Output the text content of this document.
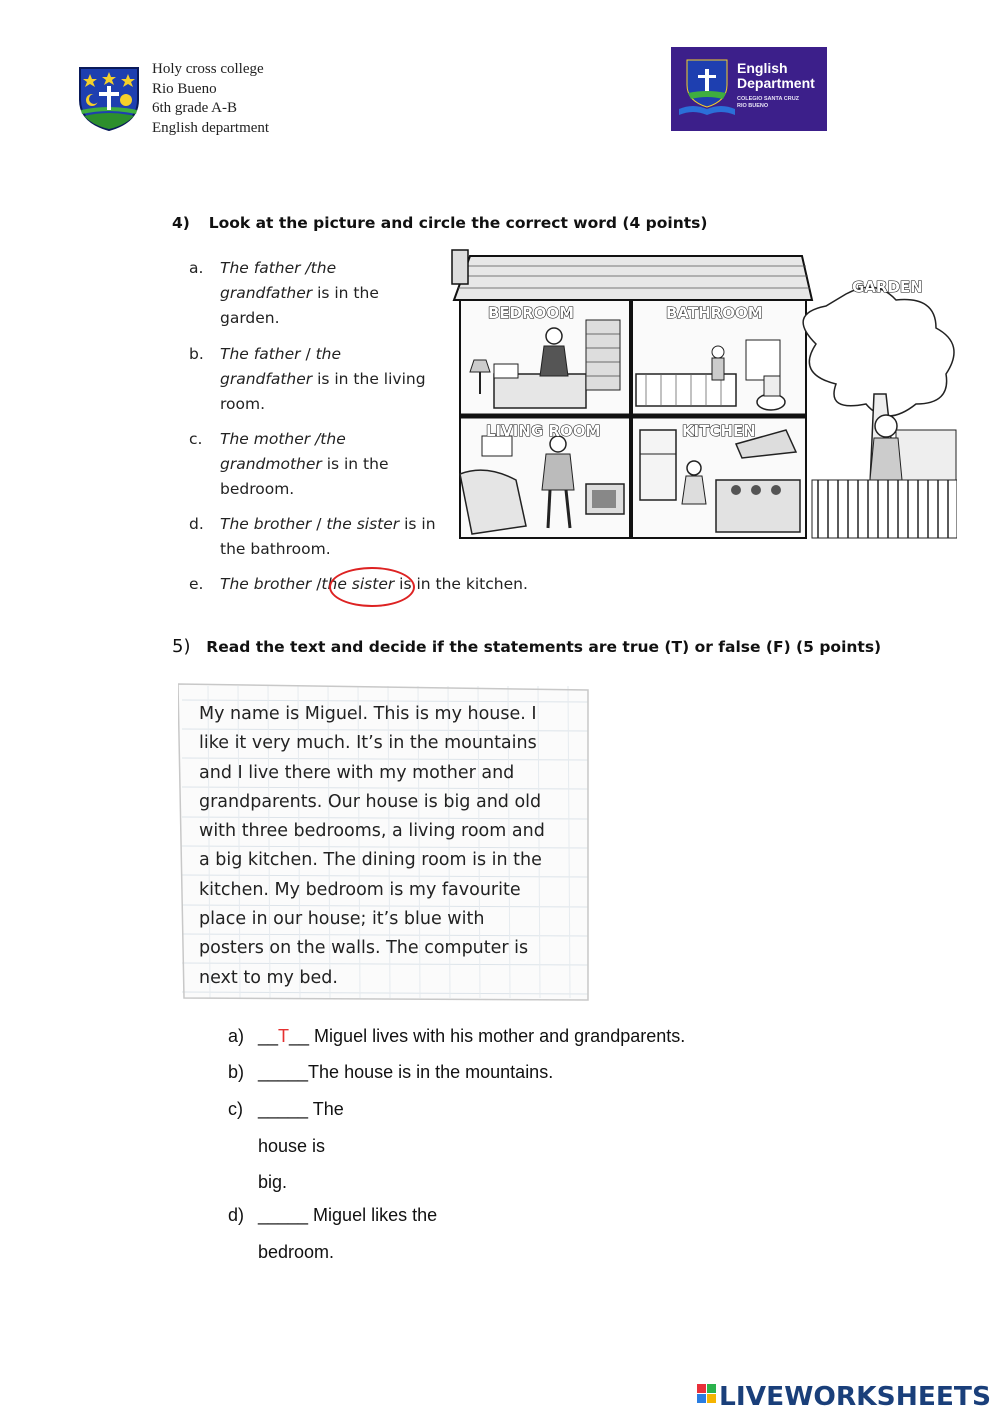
Holy cross college
Rio Bueno
6th grade A-B
English department
English
Department
COLEGIO SANTA CRUZ
RIO BUENO
4) Look at the picture and circle the correct word (4 points)
a. The father /the
grandfather is in the
garden.
b. The father / the
grandfather is in the living
room.
c. The mother /the
grandmother is in the
bedroom.
d. The brother / the sister is in
the bathroom.
e. The brother /the sister is in the kitchen.
BEDROOM	BATHROOM
GARDEN
LIVING ROOM	KITCHEN
5) Read the text and decide if the statements are true (T) or false (F) (5 points)
My name is Miguel. This is my house. I
like it very much. It’s in the mountains
and I live there with my mother and
grandparents. Our house is big and old
with three bedrooms, a living room and
a big kitchen. The dining room is in the
kitchen. My bedroom is my favourite
place in our house; it’s blue with
posters on the walls. The computer is
next to my bed.
a) __T__ Miguel lives with his mother and grandparents.
b) _____The house is in the mountains.
c) _____ The
house is
big.
d) _____ Miguel likes the
bedroom.
LIVEWORKSHEETS
